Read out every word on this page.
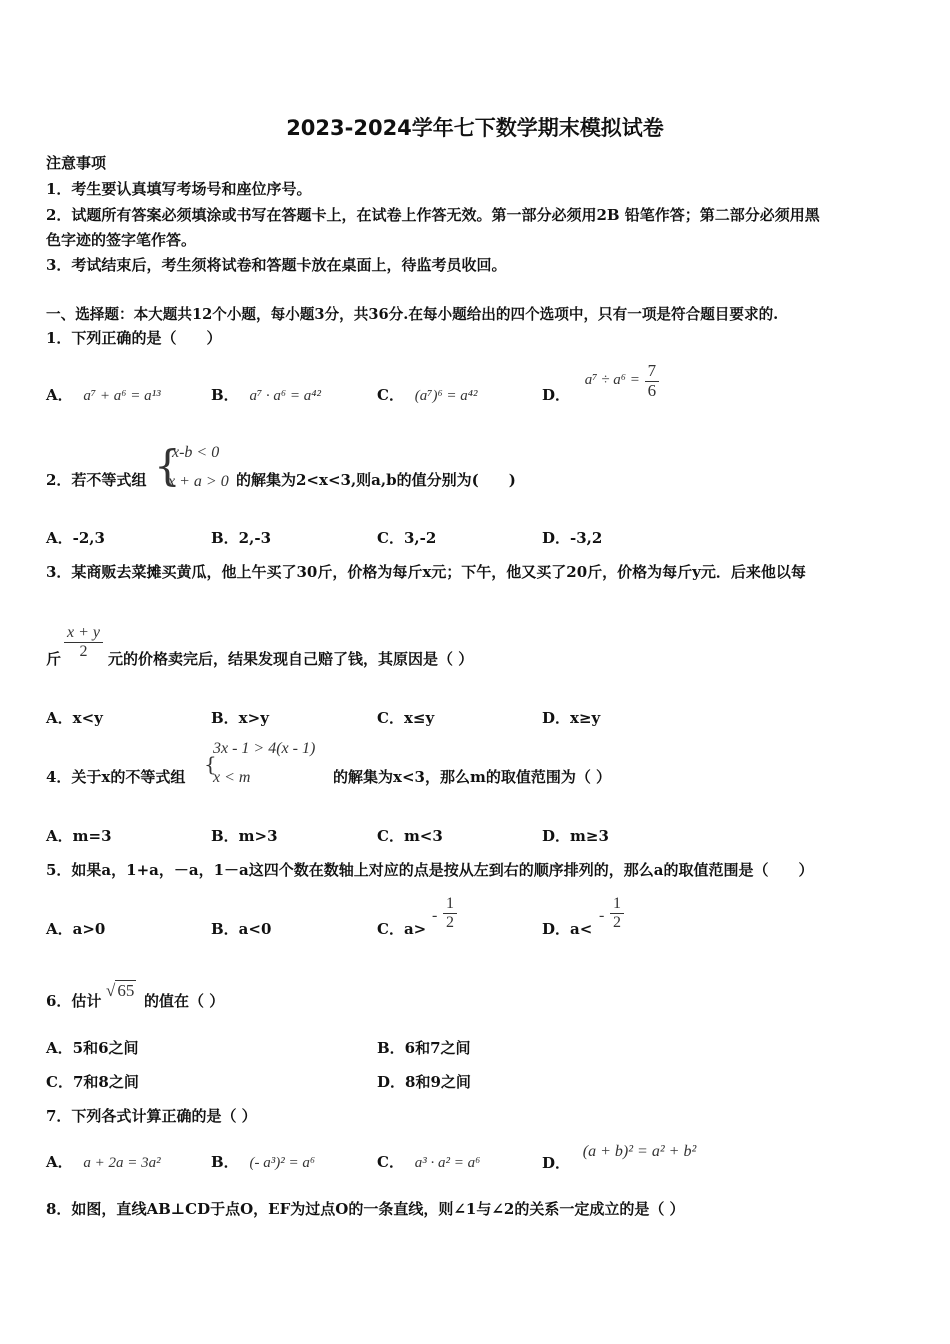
2023-2024学年七下数学期末模拟试卷
注意事项
1．考生要认真填写考场号和座位序号。
2．试题所有答案必须填涂或书写在答题卡上，在试卷上作答无效。第一部分必须用2B 铅笔作答；第二部分必须用黑
色字迹的签字笔作答。
3．考试结束后，考生须将试卷和答题卡放在桌面上，待监考员收回。
一、选择题：本大题共12个小题，每小题3分，共36分.在每小题给出的四个选项中，只有一项是符合题目要求的.
1．下列正确的是（　　）
A． a⁷ + a⁶ = a¹³	B． a⁷ · a⁶ = a⁴²	C． (a⁷)⁶ = a⁴²	D． $a^7 \div a^6 = \frac{7}{6}$
2．若不等式组 {
x-b < 0
x + a > 0 的解集为2<x<3,则a,b的值分别为(　　)
A．-2,3	B．2,-3	C．3,-2	D．-3,2
3．某商贩去菜摊买黄瓜，他上午买了30斤，价格为每斤x元；下午，他又买了20斤，价格为每斤y元．后来他以每
斤 $\frac{x + y}{2}$ 元的价格卖完后，结果发现自己赔了钱，其原因是（ ）
A．x<y	B．x>y	C．x≤y	D．x≥y
4．关于x的不等式组
{
3x - 1 > 4(x - 1)
x < m	的解集为x<3，那么m的取值范围为（ ）
A．m=3	B．m>3	C．m<3	D．m≥3
5．如果a，1+a，－a，1－a这四个数在数轴上对应的点是按从左到右的顺序排列的，那么a的取值范围是（　　）
A．a>0	B．a<0	C．a>
- $\frac{1}{2}$	D．a<
- $\frac{1}{2}$
6．估计
√ 65
的值在（ ）
A．5和6之间	B．6和7之间
C．7和8之间	D．8和9之间
7．下列各式计算正确的是（ ）
A． a + 2a = 3a²	B． (- a³)² = a⁶	C． a³ · a² = a⁶	D． (a + b)² = a² + b²
8．如图，直线AB⊥CD于点O，EF为过点O的一条直线，则∠1与∠2的关系一定成立的是（ ）
